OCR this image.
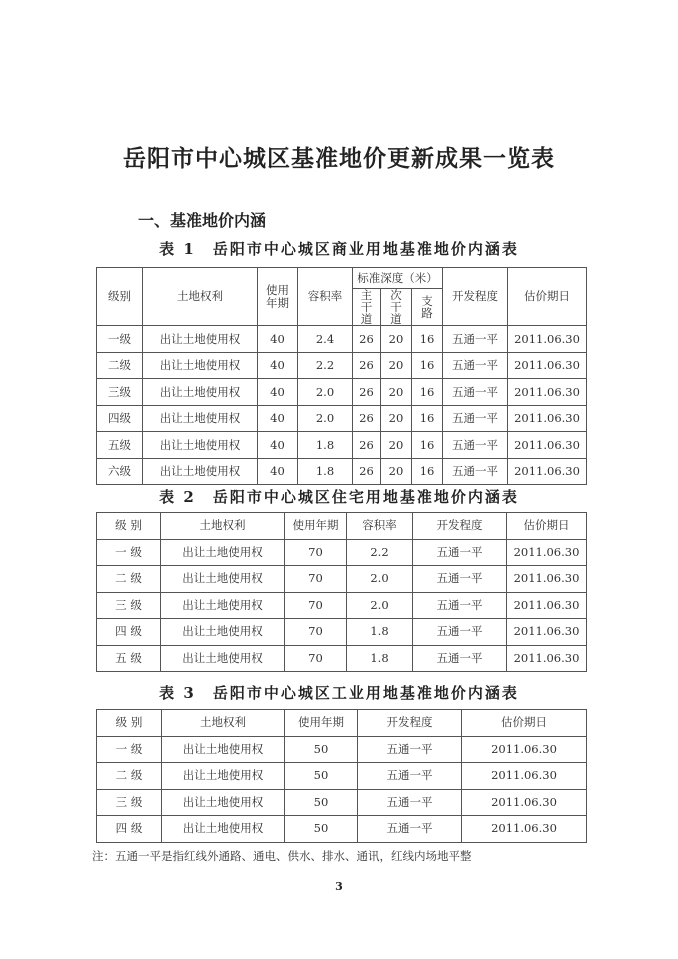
岳阳市中心城区基准地价更新成果一览表
一、基准地价内涵
表 1　岳阳市中心城区商业用地基准地价内涵表
级别	土地权利	使用年期	容积率	标准深度（米）			开发程度	估价期日

				主干道	次干道	支路		

一级	出让土地使用权	40	2.4	26	20	16	五通一平	2011.06.30
二级	出让土地使用权	40	2.2	26	20	16	五通一平	2011.06.30
三级	出让土地使用权	40	2.0	26	20	16	五通一平	2011.06.30
四级	出让土地使用权	40	2.0	26	20	16	五通一平	2011.06.30
五级	出让土地使用权	40	1.8	26	20	16	五通一平	2011.06.30
六级	出让土地使用权	40	1.8	26	20	16	五通一平	2011.06.30
表 2　岳阳市中心城区住宅用地基准地价内涵表
级 别	土地权利	使用年期	容积率	开发程度	估价期日
一 级	出让土地使用权	70	2.2	五通一平	2011.06.30
二 级	出让土地使用权	70	2.0	五通一平	2011.06.30
三 级	出让土地使用权	70	2.0	五通一平	2011.06.30
四 级	出让土地使用权	70	1.8	五通一平	2011.06.30
五 级	出让土地使用权	70	1.8	五通一平	2011.06.30
表 3　岳阳市中心城区工业用地基准地价内涵表
级 别	土地权利	使用年期	开发程度	估价期日
一 级	出让土地使用权	50	五通一平	2011.06.30
二 级	出让土地使用权	50	五通一平	2011.06.30
三 级	出让土地使用权	50	五通一平	2011.06.30
四 级	出让土地使用权	50	五通一平	2011.06.30
注：五通一平是指红线外通路、通电、供水、排水、通讯，红线内场地平整
3
